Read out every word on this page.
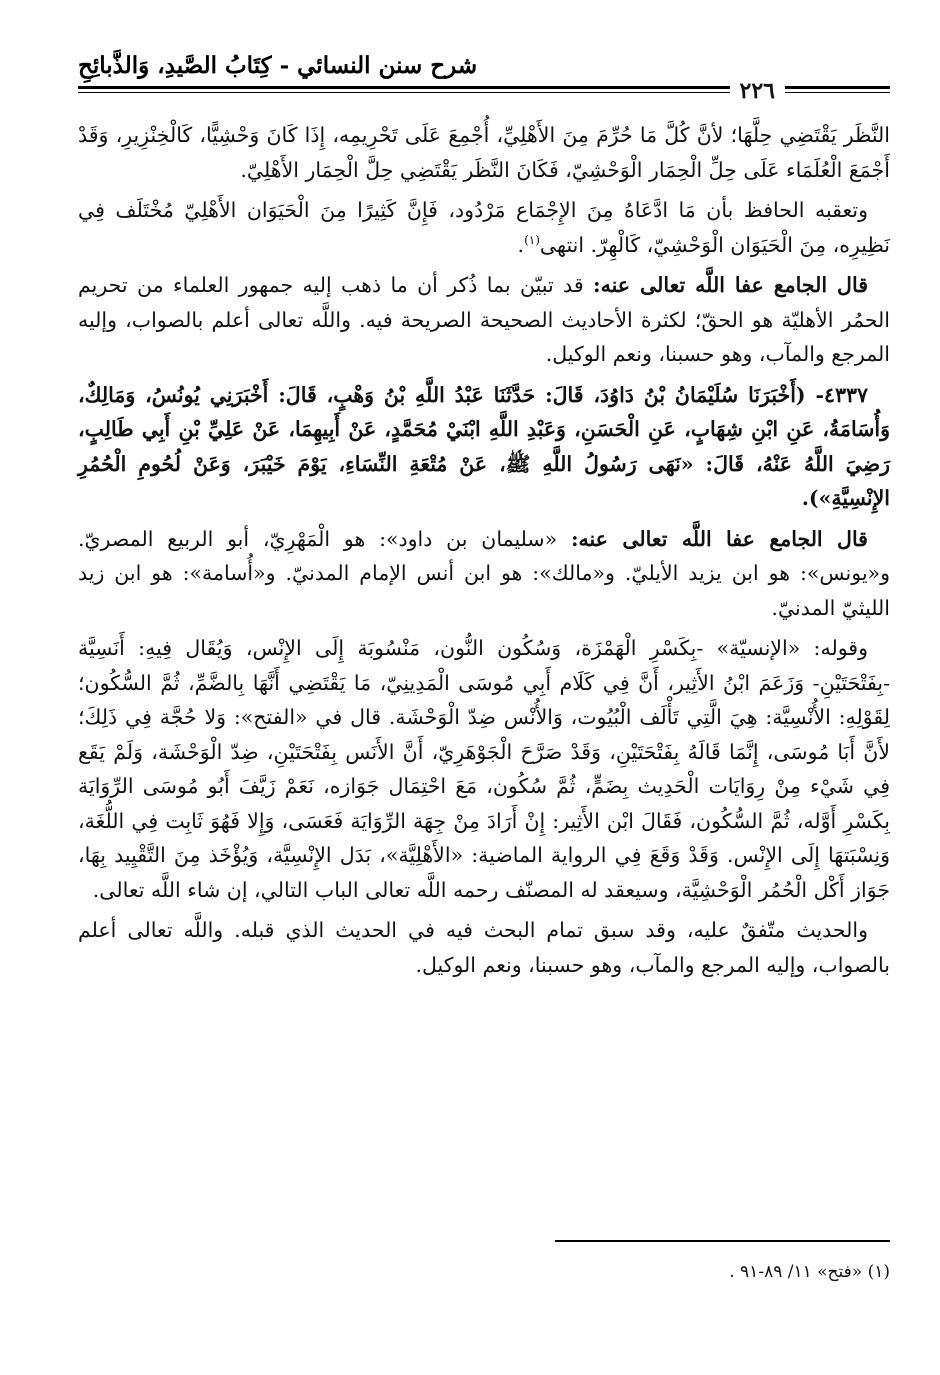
شرح سنن النسائي - كِتَابُ الصَّيدِ، وَالذَّبائِحِ
٢٢٦

النَّظَر يَقْتَضِي حِلَّهَا؛ لأنَّ كُلَّ مَا حُرِّمَ مِنَ الأَهْلِيِّ، أُجْمِعَ عَلَى تَحْرِيمِه، إِذَا كَانَ وَحْشِيًّا، كَالْخِنْزِيرِ، وَقَدْ أَجْمَعَ الْعُلَمَاء عَلَى حِلِّ الْحِمَار الْوَحْشِيّ، فَكَانَ النَّظَر يَقْتَضِي حِلَّ الْحِمَار الأَهْلِيّ.

وتعقبه الحافظ بأن مَا ادَّعَاهُ مِنَ الإِجْمَاع مَرْدُود، فَإِنَّ كَثِيرًا مِنَ الْحَيَوَان الأَهْلِيّ مُخْتَلَف فِي نَظِيرِه، مِنَ الْحَيَوَان الْوَحْشِيّ، كَالْهِرّ. انتهى$^{(١)}$.

قال الجامع عفا اللَّه تعالى عنه: قد تبيّن بما ذُكر أن ما ذهب إليه جمهور العلماء من تحريم الحمُر الأهليّة هو الحقّ؛ لكثرة الأحاديث الصحيحة الصريحة فيه. واللَّه تعالى أعلم بالصواب، وإليه المرجع والمآب، وهو حسبنا، ونعم الوكيل.

٤٣٣٧- (أَخْبَرَنَا سُلَيْمَانُ بْنُ دَاوُدَ، قَالَ: حَدَّثَنَا عَبْدُ اللَّهِ بْنُ وَهْبٍ، قَالَ: أَخْبَرَنِي يُونُسُ، وَمَالِكٌ، وَأُسَامَةُ، عَنِ ابْنِ شِهَابٍ، عَنِ الْحَسَنِ، وَعَبْدِ اللَّهِ ابْنَيْ مُحَمَّدٍ، عَنْ أَبِيهِمَا، عَنْ عَلِيِّ بْنِ أَبِي طَالِبٍ، رَضِيَ اللَّهُ عَنْهُ، قَالَ: «نَهَى رَسُولُ اللَّهِ ﷺ، عَنْ مُتْعَةِ النِّسَاءِ، يَوْمَ خَيْبَرَ، وَعَنْ لُحُومِ الْحُمُرِ الإِنْسِيَّةِ»).

قال الجامع عفا اللَّه تعالى عنه: «سليمان بن داود»: هو الْمَهْرِيّ، أبو الربيع المصريّ. و«يونس»: هو ابن يزيد الأيليّ. و«مالك»: هو ابن أنس الإمام المدنيّ. و«أُسامة»: هو ابن زيد الليثيّ المدنيّ.

وقوله: «الإنسيّة» -بِكَسْرِ الْهَمْزَة، وَسُكُون النُّون، مَنْسُوبَة إِلَى الإِنْس، وَيُقَال فِيهِ: أَنَسِيَّة -بِفَتْحَتَيْنِ- وَزَعَمَ ابْنُ الأَثِير، أَنَّ فِي كَلَام أَبِي مُوسَى الْمَدِينِيّ، مَا يَقْتَضِي أَنَّهَا بِالضَّمِّ، ثُمَّ السُّكُون؛ لِقَوْلِهِ: الأُنْسِيَّة: هِيَ الَّتِي تَأْلَف الْبُيُوت، وَالأُنْس ضِدّ الْوَحْشَة. قال في «الفتح»: وَلا حُجَّة فِي ذَلِكَ؛ لأَنَّ أَبَا مُوسَى، إِنَّمَا قَالَهُ بِفَتْحَتَيْنِ، وَقَدْ صَرَّحَ الْجَوْهَرِيّ، أَنَّ الأَنَس بِفَتْحَتَيْنِ، ضِدّ الْوَحْشَة، وَلَمْ يَقَع فِي شَيْء مِنْ رِوَايَات الْحَدِيث بِضَمٍّ، ثُمَّ سُكُون، مَعَ احْتِمَال جَوَازه، نَعَمْ زَيَّفَ أَبُو مُوسَى الرِّوَايَة بِكَسْرِ أَوَّله، ثُمَّ السُّكُون، فَقَالَ ابْن الأَثِير: إِنْ أَرَادَ مِنْ جِهَة الرِّوَايَة فَعَسَى، وَإِلا فَهُوَ ثَابِت فِي اللُّغَة، وَنِسْبَتهَا إِلَى الإِنْس. وَقَدْ وَقَعَ فِي الرواية الماضية: «الأَهْلِيَّة»، بَدَل الإِنْسِيَّة، وَيُؤْخَذ مِنَ التَّقْيِيد بِهَا، جَوَاز أَكْل الْحُمُر الْوَحْشِيَّة، وسيعقد له المصنّف رحمه اللَّه تعالى الباب التالي، إن شاء اللَّه تعالى.

والحديث متّفقٌ عليه، وقد سبق تمام البحث فيه في الحديث الذي قبله. واللَّه تعالى أعلم بالصواب، وإليه المرجع والمآب، وهو حسبنا، ونعم الوكيل.

(١) «فتح» ١١/ ٨٩-٩١ .
